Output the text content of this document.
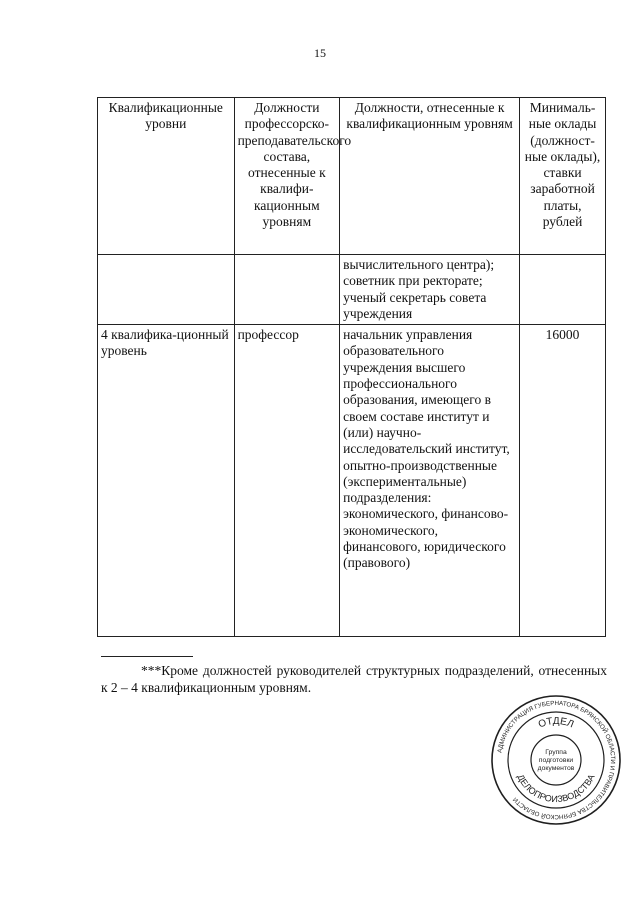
15
Квалификационные уровни	Должности профессорско-преподавательского состава, отнесенные к квалифи-кационным уровням	Должности, отнесенные к квалификационным уровням	Минималь-ные оклады (должност-ные оклады), ставки заработной платы, рублей
		вычислительного центра); советник при ректорате; ученый секретарь совета учреждения	
4 квалифика-ционный уровень	профессор	начальник управления образовательного учреждения высшего профессионального образования, имеющего в своем составе институт и (или) научно-исследовательский институт, опытно-производственные (экспериментальные) подразделения: экономического, финансово-экономического, финансового, юридического (правового)	16000
***Кроме должностей руководителей структурных подразделений, отнесенных к 2 – 4 квалификационным уровням.
АДМИНИСТРАЦИЯ ГУБЕРНАТОРА БРЯНСКОЙ ОБЛАСТИ И ПРАВИТЕЛЬСТВА БРЯНСКОЙ ОБЛАСТИ
ОТДЕЛ
ДЕЛОПРОИЗВОДСТВА
Группа
подготовки
документов
